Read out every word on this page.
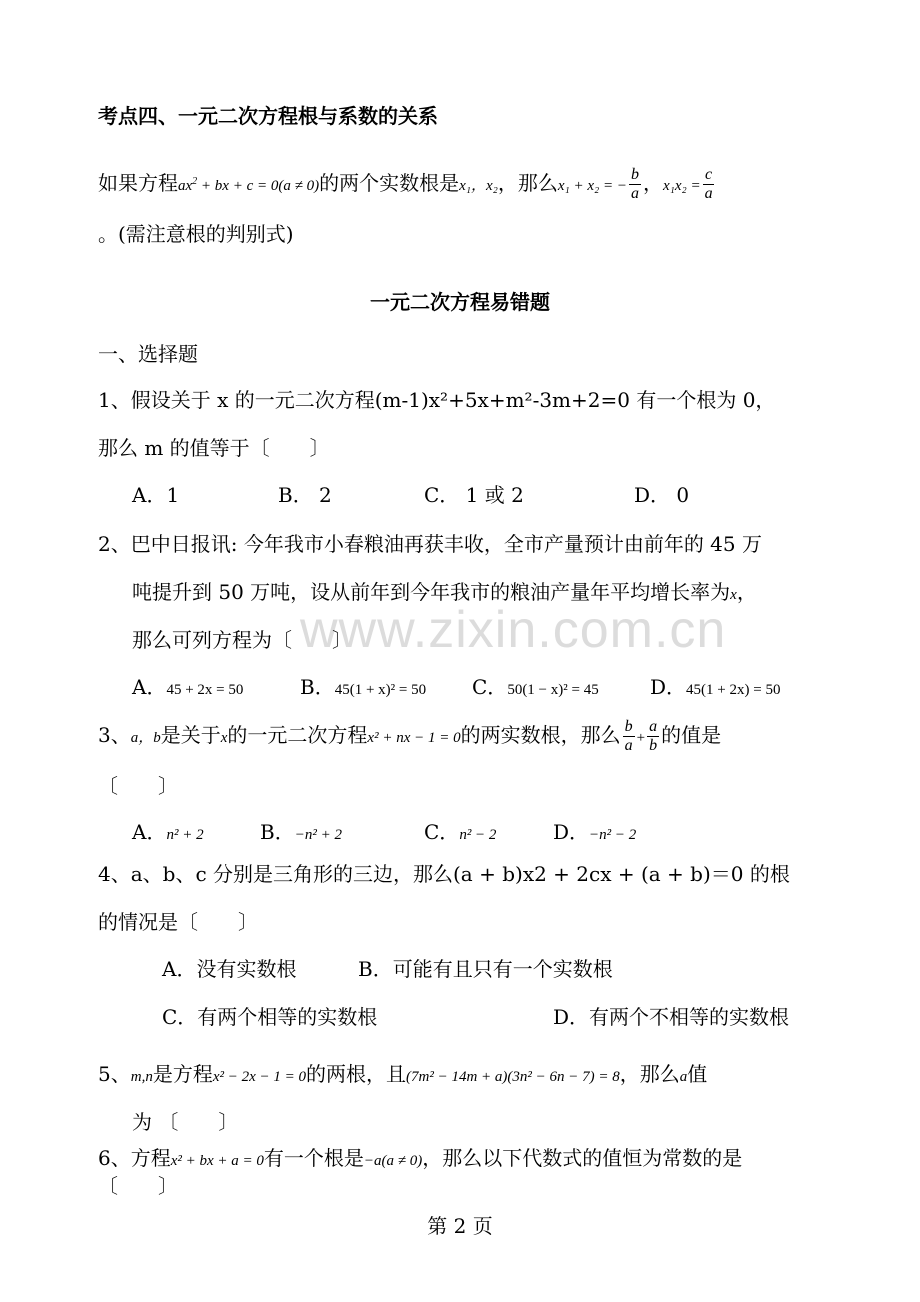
www.zixin.com.cn
考点四、一元二次方程根与系数的关系
如果方程$ax^2$ + bx + c = 0(a ≠ 0)的两个实数根是x₁，x₂，那么x₁ + x₂ = − $\frac{b}{a}$ ，$x_1x_2 = \frac{c}{a}$
。(需注意根的判别式)
一元二次方程易错题
一、选择题
1、假设关于 x 的一元二次方程(m-1)x²+5x+m²-3m+2=0 有一个根为 0，
那么 m 的值等于〔　　〕
A．1	B． 2	C． 1 或 2	D． 0
2、巴中日报讯: 今年我市小春粮油再获丰收，全市产量预计由前年的 45 万
吨提升到 50 万吨，设从前年到今年我市的粮油产量年平均增长率为x，
那么可列方程为〔　　〕
A．45 + 2x = 50	B．45(1 + x)² = 50 C．50(1 − x)² = 45	D．45(1 + 2x) = 50
3、a，b是关于x的一元二次方程x² + nx − 1 = 0的两实数根，那么 $\frac{b}{a} + \frac{a}{b}$ 的值是
〔　　〕
A．n² + 2	B．−n² + 2	C．n² − 2	D．−n² − 2
4、a、b、c 分别是三角形的三边，那么(a + b)x2 + 2cx + (a + b)＝0 的根
的情况是〔　　〕
A．没有实数根	B．可能有且只有一个实数根
C．有两个相等的实数根	D．有两个不相等的实数根
5、m,n是方程x² − 2x − 1 = 0的两根，且(7m² − 14m + a)(3n² − 6n − 7) = 8，那么a值
为 〔　　〕
6、方程x² + bx + a = 0有一个根是−a(a ≠ 0)，那么以下代数式的值恒为常数的是
〔　　〕
第 2 页
